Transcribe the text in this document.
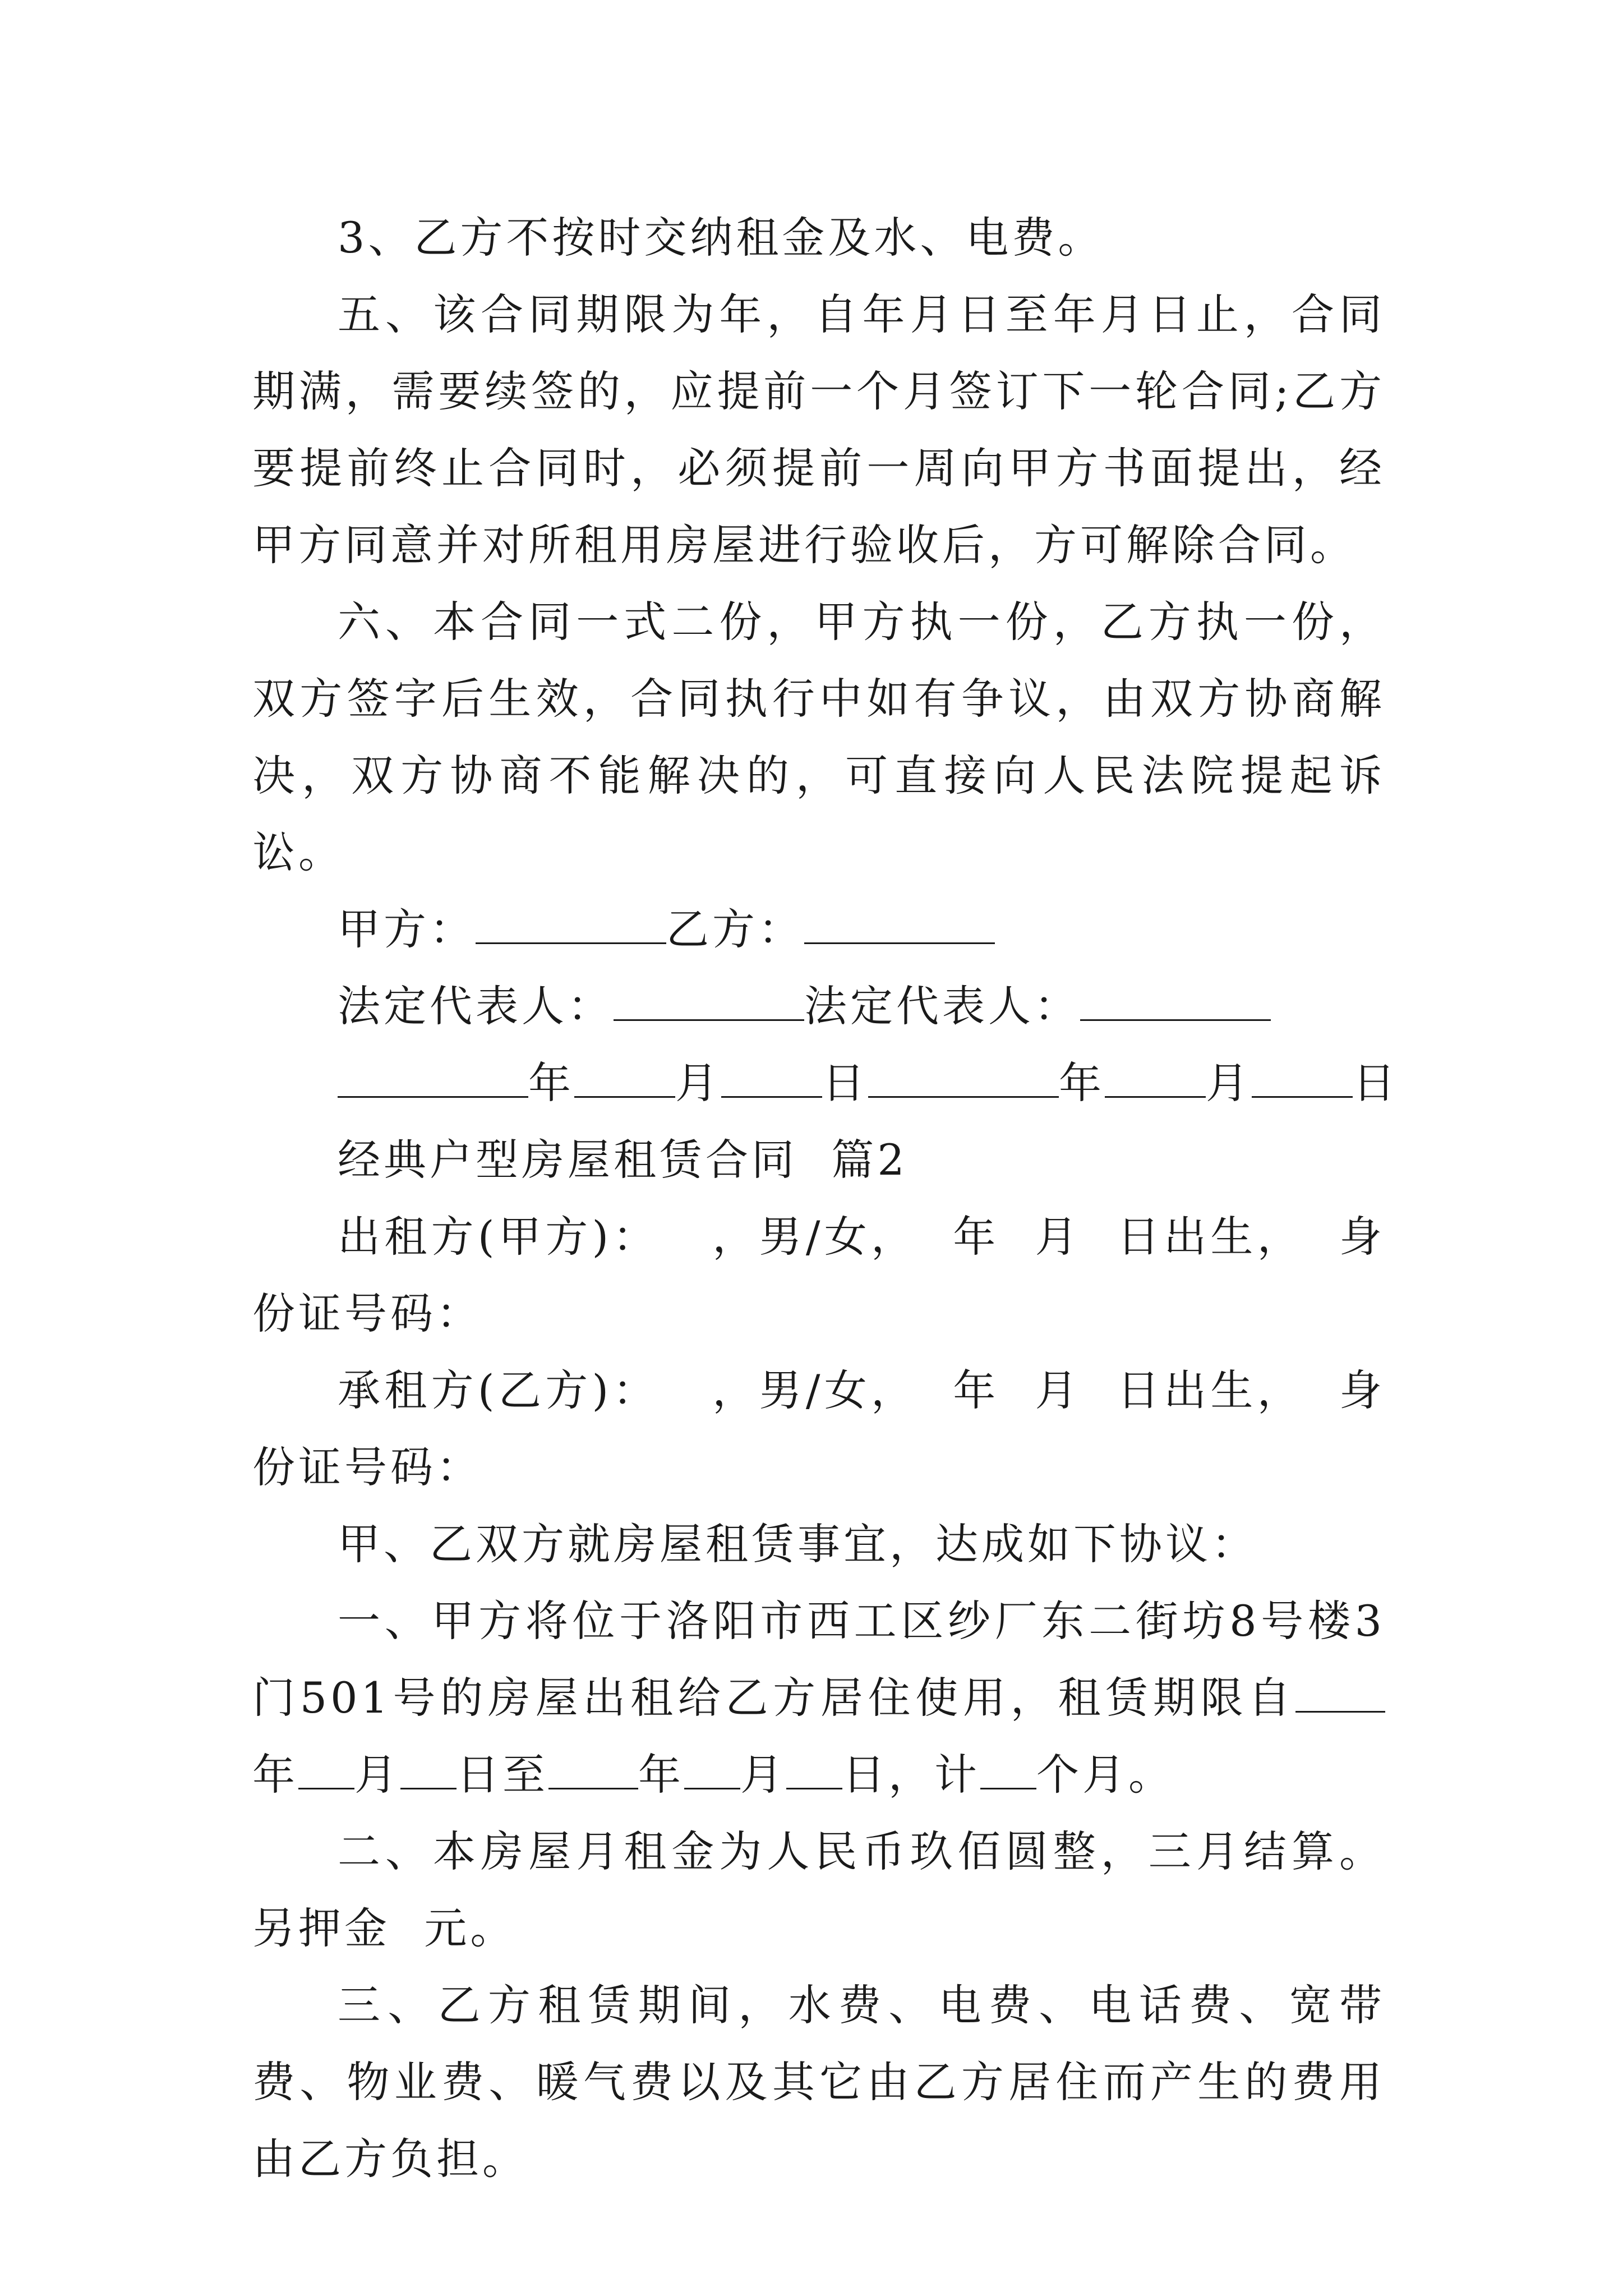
3、乙方不按时交纳租金及水、电费。

五、该合同期限为年，自年月日至年月日止，合同期满，需要续签的，应提前一个月签订下一轮合同;乙方要提前终止合同时，必须提前一周向甲方书面提出，经甲方同意并对所租用房屋进行验收后，方可解除合同。

六、本合同一式二份，甲方执一份，乙方执一份，双方签字后生效，合同执行中如有争议，由双方协商解决，双方协商不能解决的，可直接向人民法院提起诉讼。

甲方：	乙方：

法定代表人：	法定代表人：

年 月 日	年 月 日

经典户型房屋租赁合同  篇2

出租方(甲方)：   ，男/女，  年  月  日出生，  身份证号码：

承租方(乙方)：   ，男/女，  年  月  日出生，  身份证号码：

甲、乙双方就房屋租赁事宜，达成如下协议：

一、甲方将位于洛阳市西工区纱厂东二街坊8号楼3门501号的房屋出租给乙方居住使用，租赁期限自年 月 日至 年 月 日，计 个月。

二、本房屋月租金为人民币玖佰圆整，三月结算。另押金  元。

三、乙方租赁期间，水费、电费、电话费、宽带费、物业费、暖气费以及其它由乙方居住而产生的费用由乙方负担。
